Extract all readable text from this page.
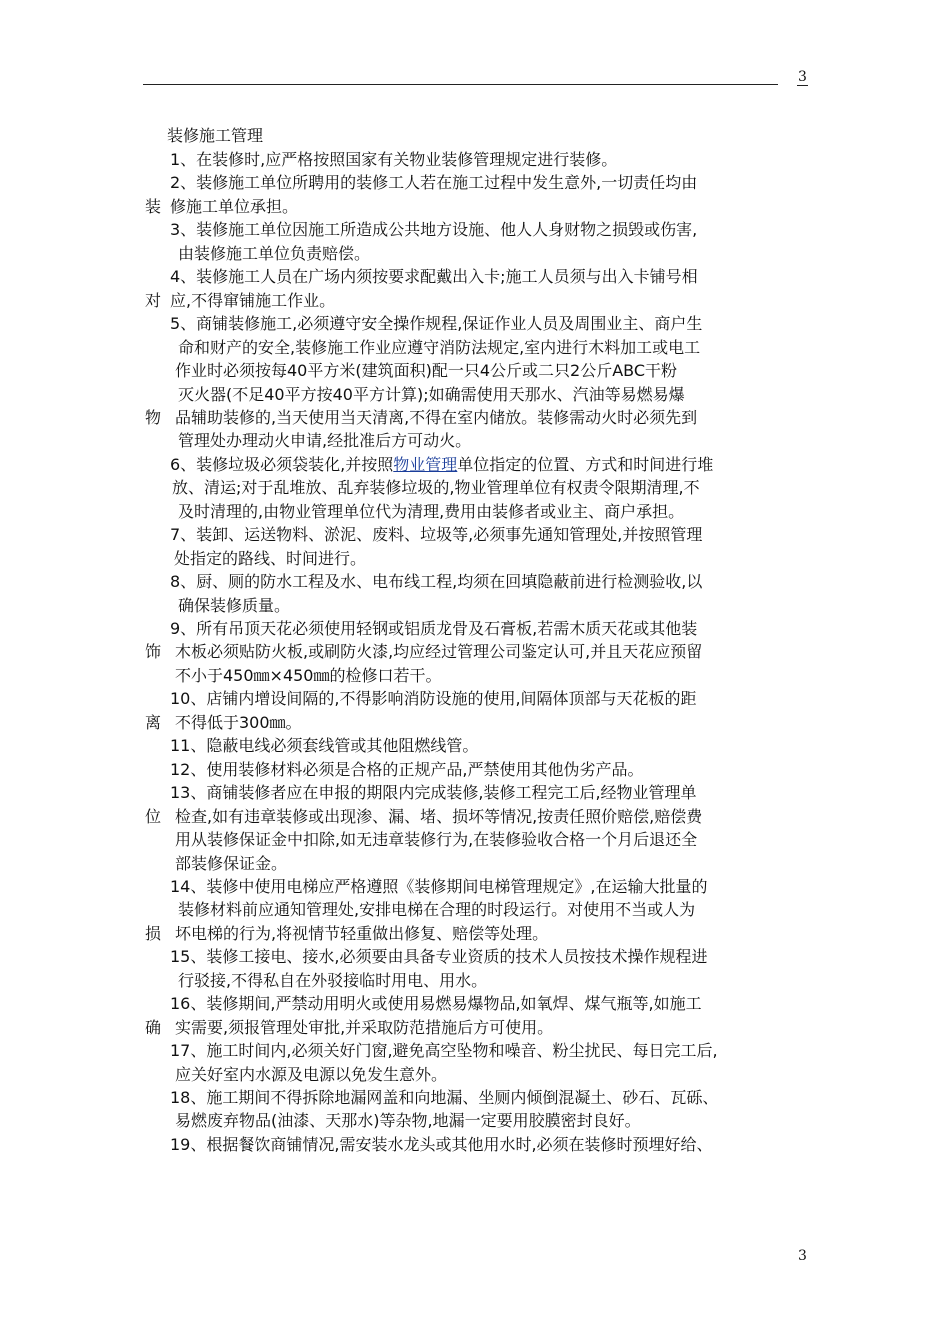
3
装修施工管理
1、在装修时,应严格按照国家有关物业装修管理规定进行装修。
2、装修施工单位所聘用的装修工人若在施工过程中发生意外,一切责任均由
装 修施工单位承担。
3、装修施工单位因施工所造成公共地方设施、他人人身财物之损毁或伤害,
由装修施工单位负责赔偿。
4、装修施工人员在广场内须按要求配戴出入卡;施工人员须与出入卡铺号相
对 应,不得窜铺施工作业。
5、商铺装修施工,必须遵守安全操作规程,保证作业人员及周围业主、商户生
命和财产的安全,装修施工作业应遵守消防法规定,室内进行木料加工或电工
作业时必须按每40平方米(建筑面积)配一只4公斤或二只2公斤ABC干粉
灭火器(不足40平方按40平方计算);如确需使用天那水、汽油等易燃易爆
物 品辅助装修的,当天使用当天清离,不得在室内储放。装修需动火时必须先到
管理处办理动火申请,经批准后方可动火。
6、装修垃圾必须袋装化,并按照物业管理单位指定的位置、方式和时间进行堆
放、清运;对于乱堆放、乱弃装修垃圾的,物业管理单位有权责令限期清理,不
及时清理的,由物业管理单位代为清理,费用由装修者或业主、商户承担。
7、装卸、运送物料、淤泥、废料、垃圾等,必须事先通知管理处,并按照管理
处指定的路线、时间进行。
8、厨、厕的防水工程及水、电布线工程,均须在回填隐蔽前进行检测验收,以
确保装修质量。
9、所有吊顶天花必须使用轻钢或铝质龙骨及石膏板,若需木质天花或其他装
饰 木板必须贴防火板,或刷防火漆,均应经过管理公司鉴定认可,并且天花应预留
不小于450㎜×450㎜的检修口若干。
10、店铺内增设间隔的,不得影响消防设施的使用,间隔体顶部与天花板的距
离 不得低于300㎜。
11、隐蔽电线必须套线管或其他阻燃线管。
12、使用装修材料必须是合格的正规产品,严禁使用其他伪劣产品。
13、商铺装修者应在申报的期限内完成装修,装修工程完工后,经物业管理单
位 检查,如有违章装修或出现渗、漏、堵、损坏等情况,按责任照价赔偿,赔偿费
用从装修保证金中扣除,如无违章装修行为,在装修验收合格一个月后退还全
部装修保证金。
14、装修中使用电梯应严格遵照《装修期间电梯管理规定》,在运输大批量的
装修材料前应通知管理处,安排电梯在合理的时段运行。对使用不当或人为
损 坏电梯的行为,将视情节轻重做出修复、赔偿等处理。
15、装修工接电、接水,必须要由具备专业资质的技术人员按技术操作规程进
行驳接,不得私自在外驳接临时用电、用水。
16、装修期间,严禁动用明火或使用易燃易爆物品,如氧焊、煤气瓶等,如施工
确 实需要,须报管理处审批,并采取防范措施后方可使用。
17、施工时间内,必须关好门窗,避免高空坠物和噪音、粉尘扰民、每日完工后,
应关好室内水源及电源以免发生意外。
18、施工期间不得拆除地漏网盖和向地漏、坐厕内倾倒混凝土、砂石、瓦砾、
易燃废弃物品(油漆、天那水)等杂物,地漏一定要用胶膜密封良好。
19、根据餐饮商铺情况,需安装水龙头或其他用水时,必须在装修时预埋好给、
3
